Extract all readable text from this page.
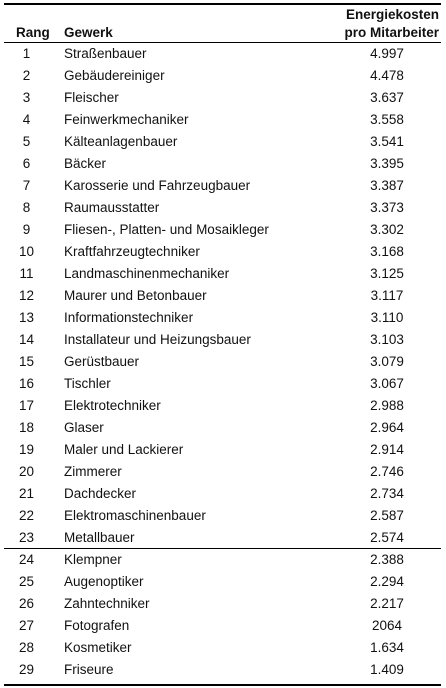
Rang Gewerk
Energiekosten
pro Mitarbeiter
1	Straßenbauer	4.997
2	Gebäudereiniger	4.478
3	Fleischer	3.637
4	Feinwerkmechaniker	3.558
5	Kälteanlagenbauer	3.541
6	Bäcker	3.395
7	Karosserie und Fahrzeugbauer	3.387
8	Raumausstatter	3.373
9	Fliesen-, Platten- und Mosaikleger	3.302
10	Kraftfahrzeugtechniker	3.168
11	Landmaschinenmechaniker	3.125
12	Maurer und Betonbauer	3.117
13	Informationstechniker	3.110
14	Installateur und Heizungsbauer	3.103
15	Gerüstbauer	3.079
16	Tischler	3.067
17	Elektrotechniker	2.988
18	Glaser	2.964
19	Maler und Lackierer	2.914
20	Zimmerer	2.746
21	Dachdecker	2.734
22	Elektromaschinenbauer	2.587
23	Metallbauer	2.574
24	Klempner	2.388
25	Augenoptiker	2.294
26	Zahntechniker	2.217
27	Fotografen	2064
28	Kosmetiker	1.634
29	Friseure	1.409
